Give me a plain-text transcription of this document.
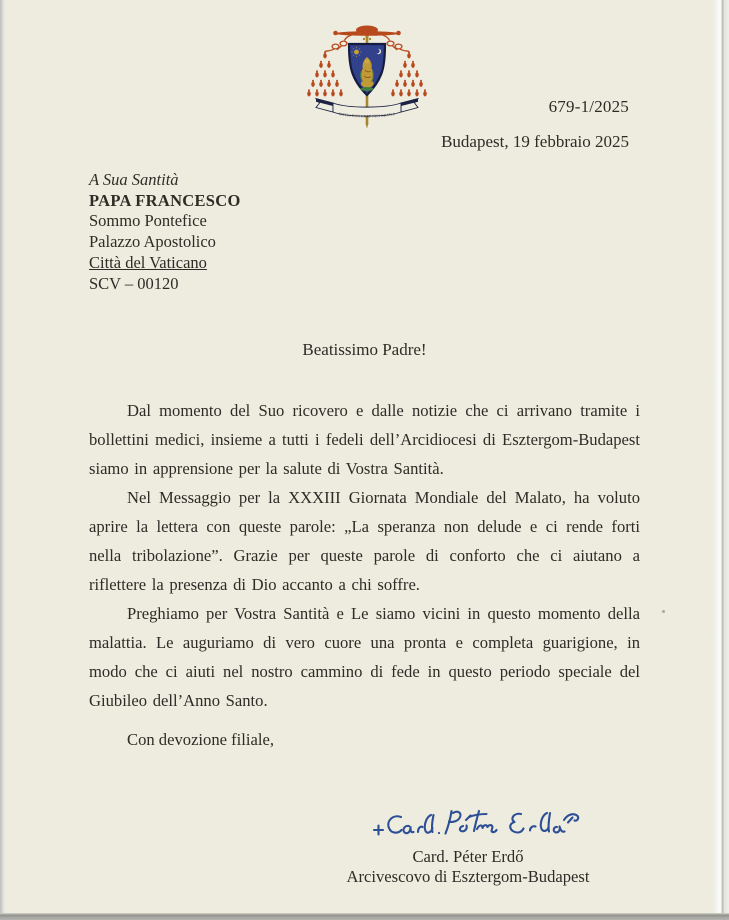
INITIO NON ERAT NISI GRATIA	679-1/2025
Budapest, 19 febbraio 2025
A Sua Santità
PAPA FRANCESCO
Sommo Pontefice
Palazzo Apostolico
Città del Vaticano
SCV – 00120
Beatissimo Padre!

Dal momento del Suo ricovero e dalle notizie che ci arrivano tramite i bollettini medici, insieme a tutti i fedeli dell’Arcidiocesi di Esztergom-Budapest siamo in apprensione per la salute di Vostra Santità.

Nel Messaggio per la XXXIII Giornata Mondiale del Malato, ha voluto aprire la lettera con queste parole: „La speranza non delude e ci rende forti nella tribolazione”. Grazie per queste parole di conforto che ci aiutano a riflettere la presenza di Dio accanto a chi soffre.

Preghiamo per Vostra Santità e Le siamo vicini in questo momento della malattia. Le auguriamo di vero cuore una pronta e completa guarigione, in modo che ci aiuti nel nostro cammino di fede in questo periodo speciale del Giubileo dell’Anno Santo.

Con devozione filiale,
Card. Péter Erdő
Arcivescovo di Esztergom-Budapest
